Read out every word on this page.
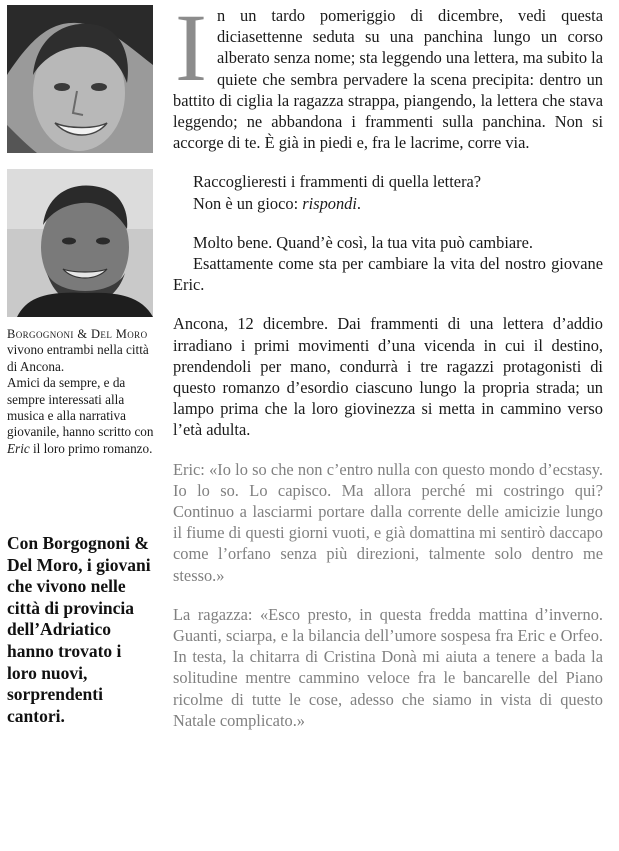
Borgognoni & Del Moro vivono entrambi nella città di Ancona.

Amici da sempre, e da sempre interessati alla musica e alla narrativa giovanile, hanno scritto con Eric il loro primo romanzo.

Con Borgognoni & Del Moro, i giovani che vivono nelle città di provincia dell’Adriatico hanno trovato i loro nuovi, sorprendenti cantori.

In un tardo pomeriggio di dicembre, vedi questa diciasettenne seduta su una panchina lungo un corso alberato senza nome; sta leggendo una lettera, ma subito la quiete che sembra pervadere la scena precipita: dentro un battito di ciglia la ragazza strappa, piangendo, la lettera che stava leggendo; ne abbandona i frammenti sulla panchina. Non si accorge di te. È già in piedi e, fra le lacrime, corre via.

Raccoglieresti i frammenti di quella lettera?

Non è un gioco: rispondi.

Molto bene. Quand’è così, la tua vita può cambiare.

Esattamente come sta per cambiare la vita del nostro giovane Eric.

Ancona, 12 dicembre. Dai frammenti di una lettera d’addio irradiano i primi movimenti d’una vicenda in cui il destino, prendendoli per mano, condurrà i tre ragazzi protagonisti di questo romanzo d’esordio ciascuno lungo la propria strada; un lampo prima che la loro giovinezza si metta in cammino verso l’età adulta.

Eric: «Io lo so che non c’entro nulla con questo mondo d’ecstasy. Io lo so. Lo capisco. Ma allora perché mi costringo qui? Continuo a lasciarmi portare dalla corrente delle amicizie lungo il fiume di questi giorni vuoti, e già domattina mi sentirò daccapo come l’orfano senza più direzioni, talmente solo dentro me stesso.»

La ragazza: «Esco presto, in questa fredda mattina d’inverno. Guanti, sciarpa, e la bilancia dell’umore sospesa fra Eric e Orfeo. In testa, la chitarra di Cristina Donà mi aiuta a tenere a bada la solitudine mentre cammino veloce fra le bancarelle del Piano ricolme di tutte le cose, adesso che siamo in vista di questo Natale complicato.»
